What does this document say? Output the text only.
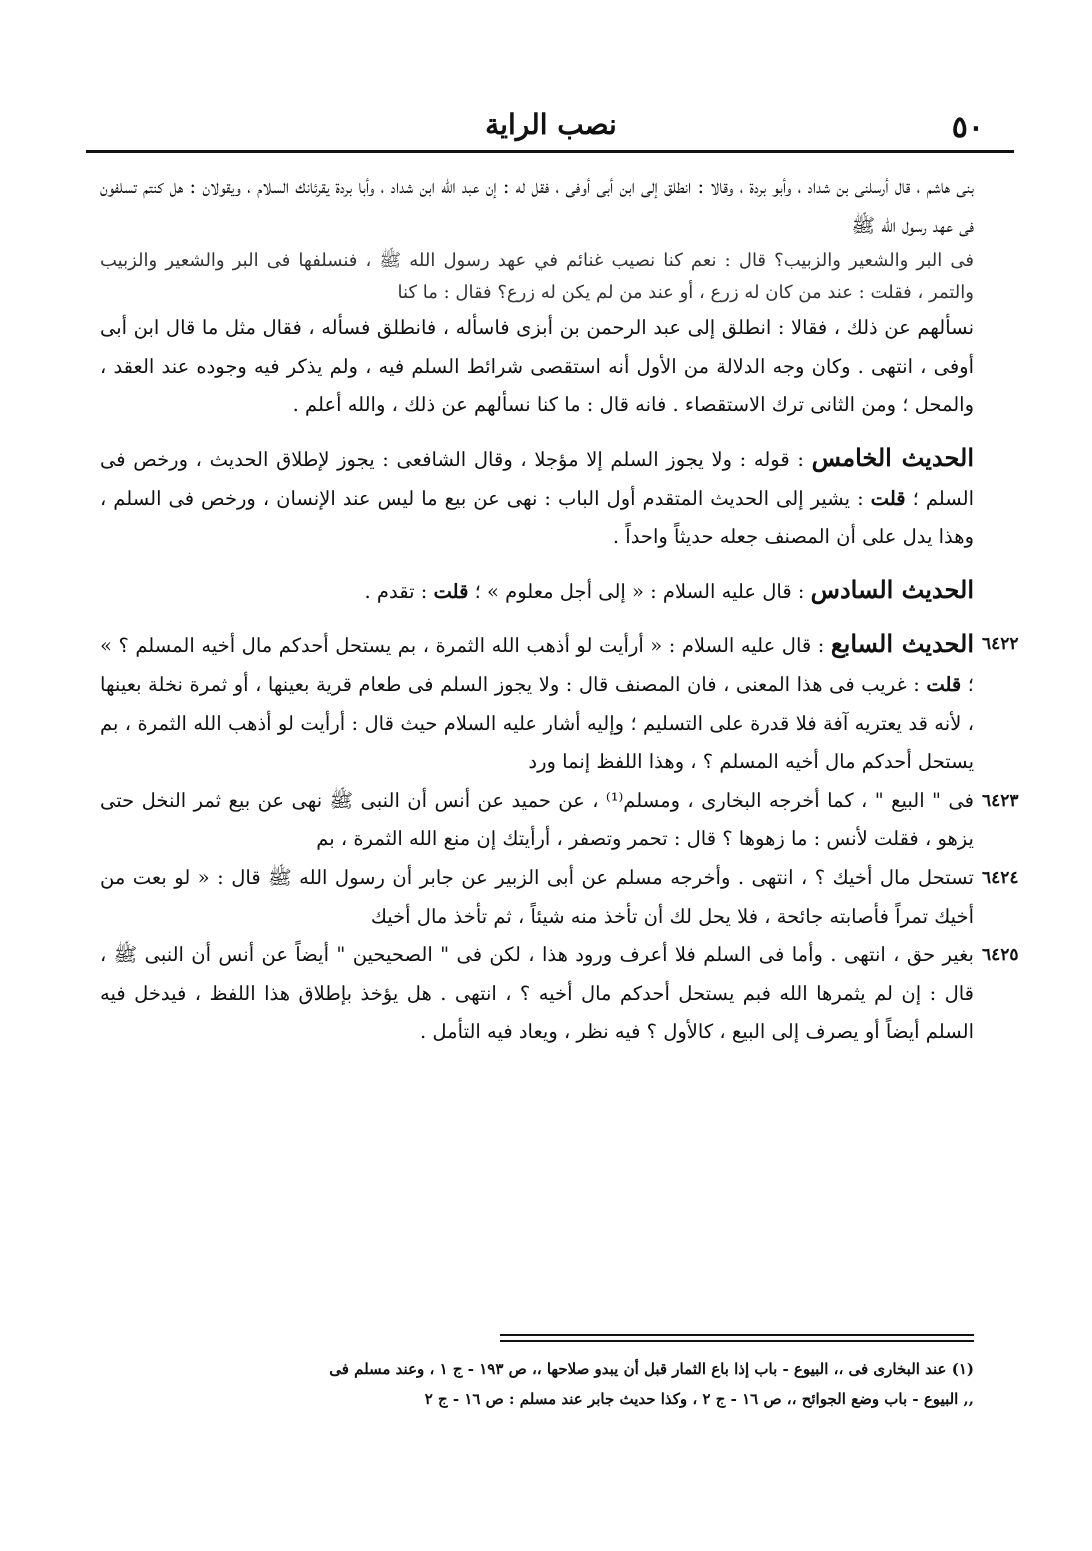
٥٠
نصب الراية

بنى هاشم ، قال أرسلنى بن شداد ، وأبو بردة ، وقالا : انطلق إلى ابن أبى أوفى ، فقل له : إن عبد الله ابن شداد ، وأبا بردة يقرئانك السلام ، ويقولان : هل كنتم تسلفون فى عهد رسول الله ﷺ

فى البر والشعير والزبيب؟ قال : نعم كنا نصيب غنائم في عهد رسول الله ﷺ ، فنسلفها فى البر والشعير والزبيب والتمر ، فقلت : عند من كان له زرع ، أو عند من لم يكن له زرع؟ فقال : ما كنا

نسألهم عن ذلك ، فقالا : انطلق إلى عبد الرحمن بن أبزى فاسأله ، فانطلق فسأله ، فقال مثل ما قال ابن أبى أوفى ، انتهى . وكان وجه الدلالة من الأول أنه استقصى شرائط السلم فيه ، ولم يذكر فيه وجوده عند العقد ، والمحل ؛ ومن الثانى ترك الاستقصاء . فانه قال : ما كنا نسألهم عن ذلك ، والله أعلم .

الحديث الخامس : قوله : ولا يجوز السلم إلا مؤجلا ، وقال الشافعى : يجوز لإطلاق الحديث ، ورخص فى السلم ؛ قلت : يشير إلى الحديث المتقدم أول الباب : نهى عن بيع ما ليس عند الإنسان ، ورخص فى السلم ، وهذا يدل على أن المصنف جعله حديثاً واحداً .

الحديث السادس : قال عليه السلام : « إلى أجل معلوم » ؛ قلت : تقدم .

٦٤٢٢
الحديث السابع : قال عليه السلام : « أرأيت لو أذهب الله الثمرة ، بم يستحل أحدكم مال أخيه المسلم ؟ » ؛ قلت : غريب فى هذا المعنى ، فان المصنف قال : ولا يجوز السلم فى طعام قرية بعينها ، أو ثمرة نخلة بعينها ، لأنه قد يعتريه آفة فلا قدرة على التسليم ؛ وإليه أشار عليه السلام حيث قال : أرأيت لو أذهب الله الثمرة ، بم يستحل أحدكم مال أخيه المسلم ؟ ، وهذا اللفظ إنما ورد

٦٤٢٣
فى " البيع " ، كما أخرجه البخارى ، ومسلم⁽¹⁾ ، عن حميد عن أنس أن النبى ﷺ نهى عن بيع ثمر النخل حتى يزهو ، فقلت لأنس : ما زهوها ؟ قال : تحمر وتصفر ، أرأيتك إن منع الله الثمرة ، بم

٦٤٢٤
تستحل مال أخيك ؟ ، انتهى . وأخرجه مسلم عن أبى الزبير عن جابر أن رسول الله ﷺ قال : « لو بعت من أخيك تمراً فأصابته جائحة ، فلا يحل لك أن تأخذ منه شيئاً ، ثم تأخذ مال أخيك

٦٤٢٥
بغير حق ، انتهى . وأما فى السلم فلا أعرف ورود هذا ، لكن فى " الصحيحين " أيضاً عن أنس أن النبى ﷺ ، قال : إن لم يثمرها الله فبم يستحل أحدكم مال أخيه ؟ ، انتهى . هل يؤخذ بإطلاق هذا اللفظ ، فيدخل فيه السلم أيضاً أو يصرف إلى البيع ، كالأول ؟ فيه نظر ، ويعاد فيه التأمل .

(١) عند البخارى فى ،، البيوع - باب إذا باع الثمار قبل أن يبدو صلاحها ،، ص ١٩٣ - ج ١ ، وعند مسلم فى

,, البيوع - باب وضع الجوائح ،، ص ١٦ - ج ٢ ، وكذا حديث جابر عند مسلم : ص ١٦ - ج ٢
